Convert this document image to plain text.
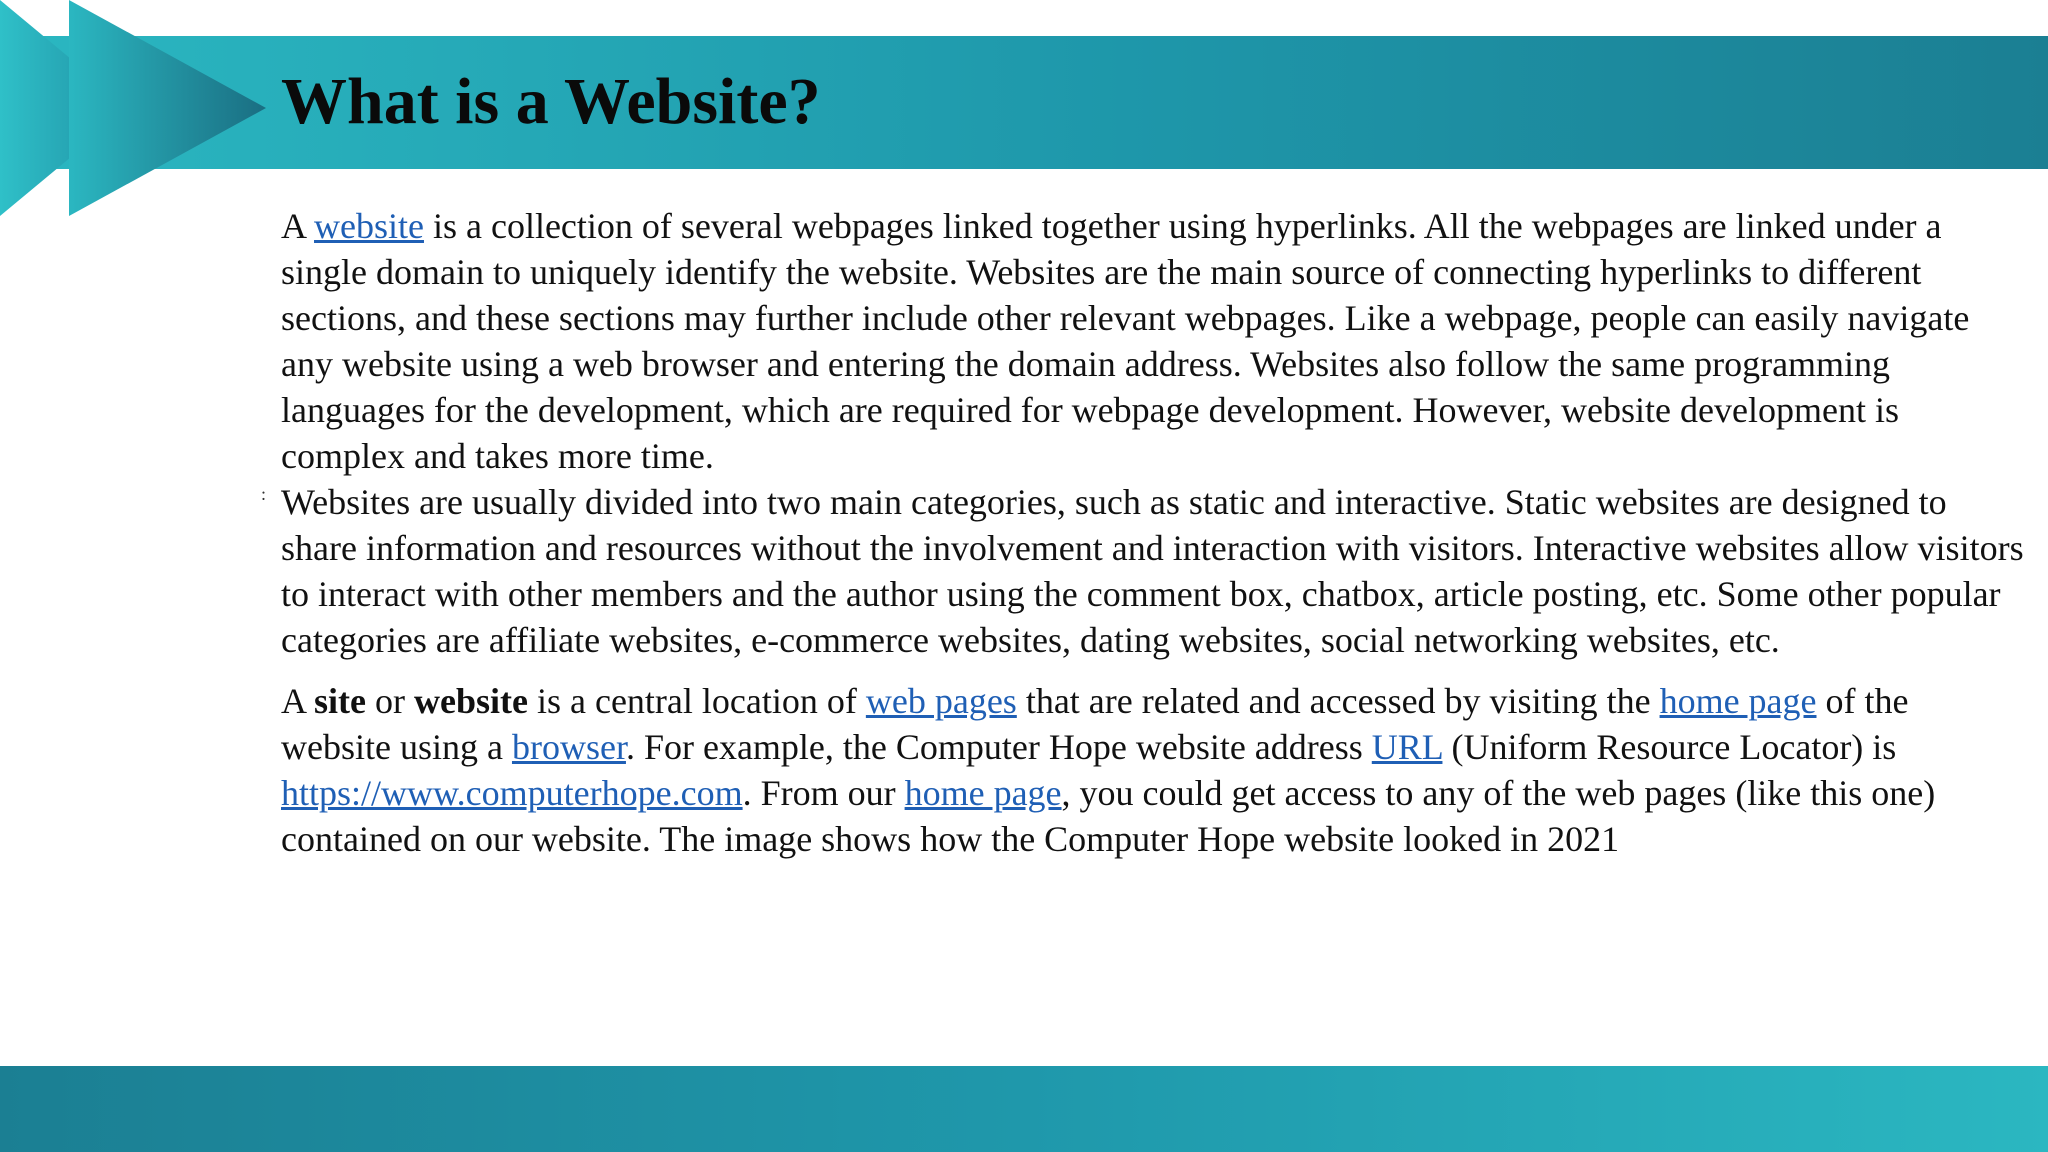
What is a Website?
:

A website is a collection of several webpages linked together using hyperlinks. All the webpages are linked under a single domain to uniquely identify the website. Websites are the main source of connecting hyperlinks to different sections, and these sections may further include other relevant webpages. Like a webpage, people can easily navigate any website using a web browser and entering the domain address. Websites also follow the same programming languages for the development, which are required for webpage development. However, website development is complex and takes more time.

Websites are usually divided into two main categories, such as static and interactive. Static websites are designed to share information and resources without the involvement and interaction with visitors. Interactive websites allow visitors to interact with other members and the author using the comment box, chatbox, article posting, etc. Some other popular categories are affiliate websites, e-commerce websites, dating websites, social networking websites, etc.

A site or website is a central location of web pages that are related and accessed by visiting the home page of the website using a browser. For example, the Computer Hope website address URL (Uniform Resource Locator) is https://www.computerhope.com. From our home page, you could get access to any of the web pages (like this one) contained on our website. The image shows how the Computer Hope website looked in 2021
